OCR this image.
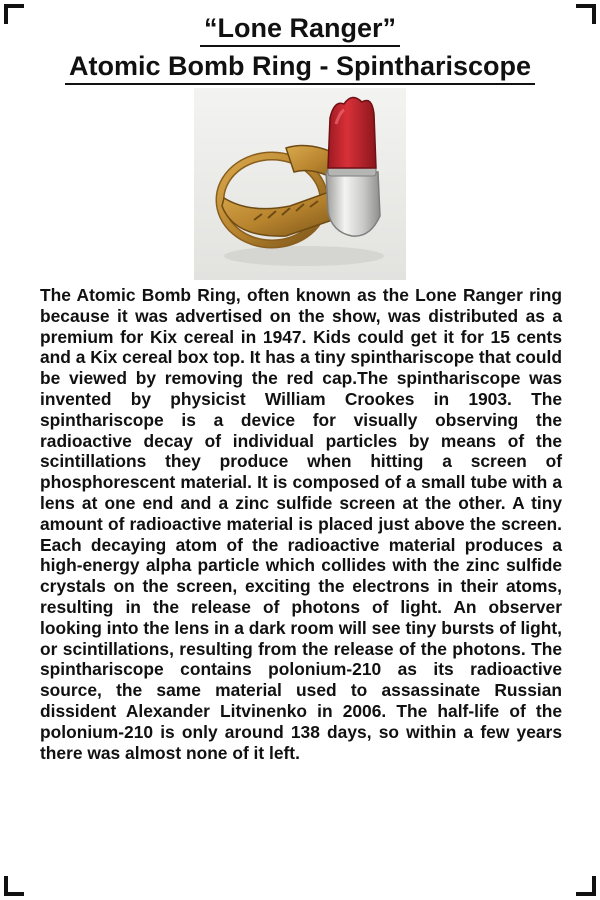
“Lone Ranger”
Atomic Bomb Ring - Spinthariscope

The Atomic Bomb Ring, often known as the Lone Ranger ring because it was advertised on the show, was distributed as a premium for Kix cereal in 1947. Kids could get it for 15 cents and a Kix cereal box top. It has a tiny spinthariscope that could be viewed by removing the red cap.The spinthariscope was invented by physicist William Crookes in 1903. The spinthariscope is a device for visually observing the radioactive decay of individual particles by means of the scintillations they produce when hitting a screen of phosphorescent material. It is composed of a small tube with a lens at one end and a zinc sulfide screen at the other. A tiny amount of radioactive material is placed just above the screen. Each decaying atom of the radioactive material produces a high-energy alpha particle which collides with the zinc sulfide crystals on the screen, exciting the electrons in their atoms, resulting in the release of photons of light. An observer looking into the lens in a dark room will see tiny bursts of light, or scintillations, resulting from the release of the photons. The spinthariscope contains polonium-210 as its radioactive source, the same material used to assassinate Russian dissident Alexander Litvinenko in 2006. The half-life of the polonium-210 is only around 138 days, so within a few years there was almost none of it left.
